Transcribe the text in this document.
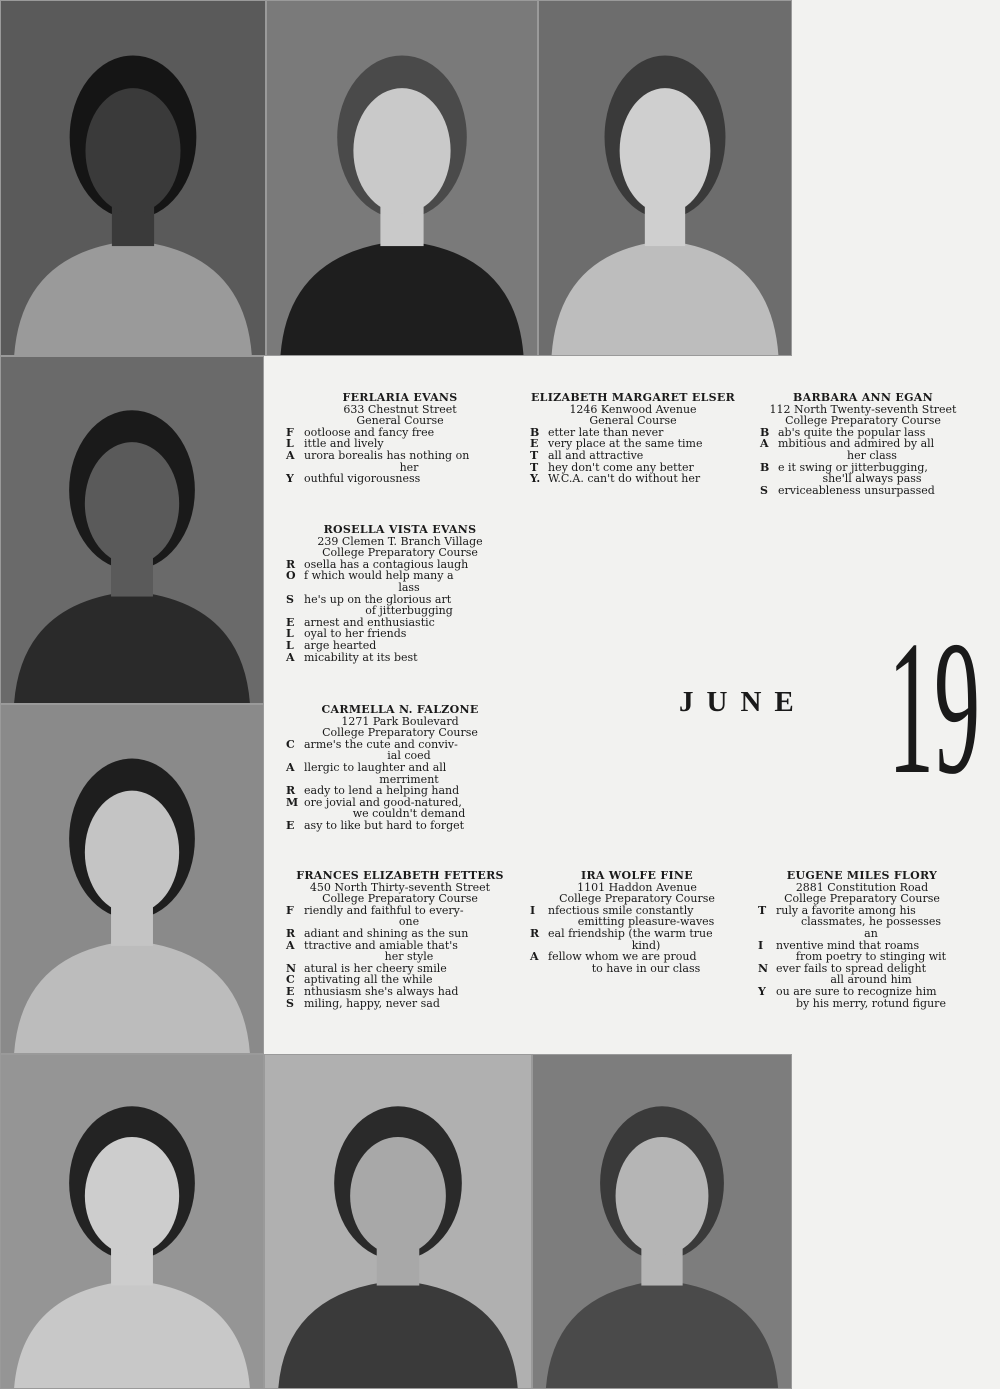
FERLARIA EVANS
633 Chestnut Street
General Course
F ootloose and fancy free
L ittle and lively
A urora borealis has nothing on
her
Y outhful vigorousness
ELIZABETH MARGARET ELSER
1246 Kenwood Avenue
General Course
B etter late than never
E very place at the same time
T all and attractive
T hey don't come any better
Y. W.C.A. can't do without her
BARBARA ANN EGAN
112 North Twenty-seventh Street
College Preparatory Course
B ab's quite the popular lass
A mbitious and admired by all
her class
B e it swing or jitterbugging,
she'll always pass
S erviceableness unsurpassed
ROSELLA VISTA EVANS
239 Clemen T. Branch Village
College Preparatory Course
R osella has a contagious laugh
O f which would help many a
lass
S he's up on the glorious art
of jitterbugging
E arnest and enthusiastic
L oyal to her friends
L arge hearted
A micability at its best
CARMELLA N. FALZONE
1271 Park Boulevard
College Preparatory Course
C arme's the cute and conviv-
ial coed
A llergic to laughter and all
merriment
R eady to lend a helping hand
M ore jovial and good-natured,
we couldn't demand
E asy to like but hard to forget
FRANCES ELIZABETH FETTERS
450 North Thirty-seventh Street
College Preparatory Course
F riendly and faithful to every-
one
R adiant and shining as the sun
A ttractive and amiable that's
her style
N atural is her cheery smile
C aptivating all the while
E nthusiasm she's always had
S miling, happy, never sad
IRA WOLFE FINE
1101 Haddon Avenue
College Preparatory Course
I	nfectious smile constantly
emitting pleasure-waves
R eal friendship (the warm true
kind)
A fellow whom we are proud
to have in our class
EUGENE MILES FLORY
2881 Constitution Road
College Preparatory Course
T ruly a favorite among his
classmates, he possesses
an
I	nventive mind that roams
from poetry to stinging wit
N ever fails to spread delight
all around him
Y ou are sure to recognize him
by his merry, rotund figure
JUNE 19
